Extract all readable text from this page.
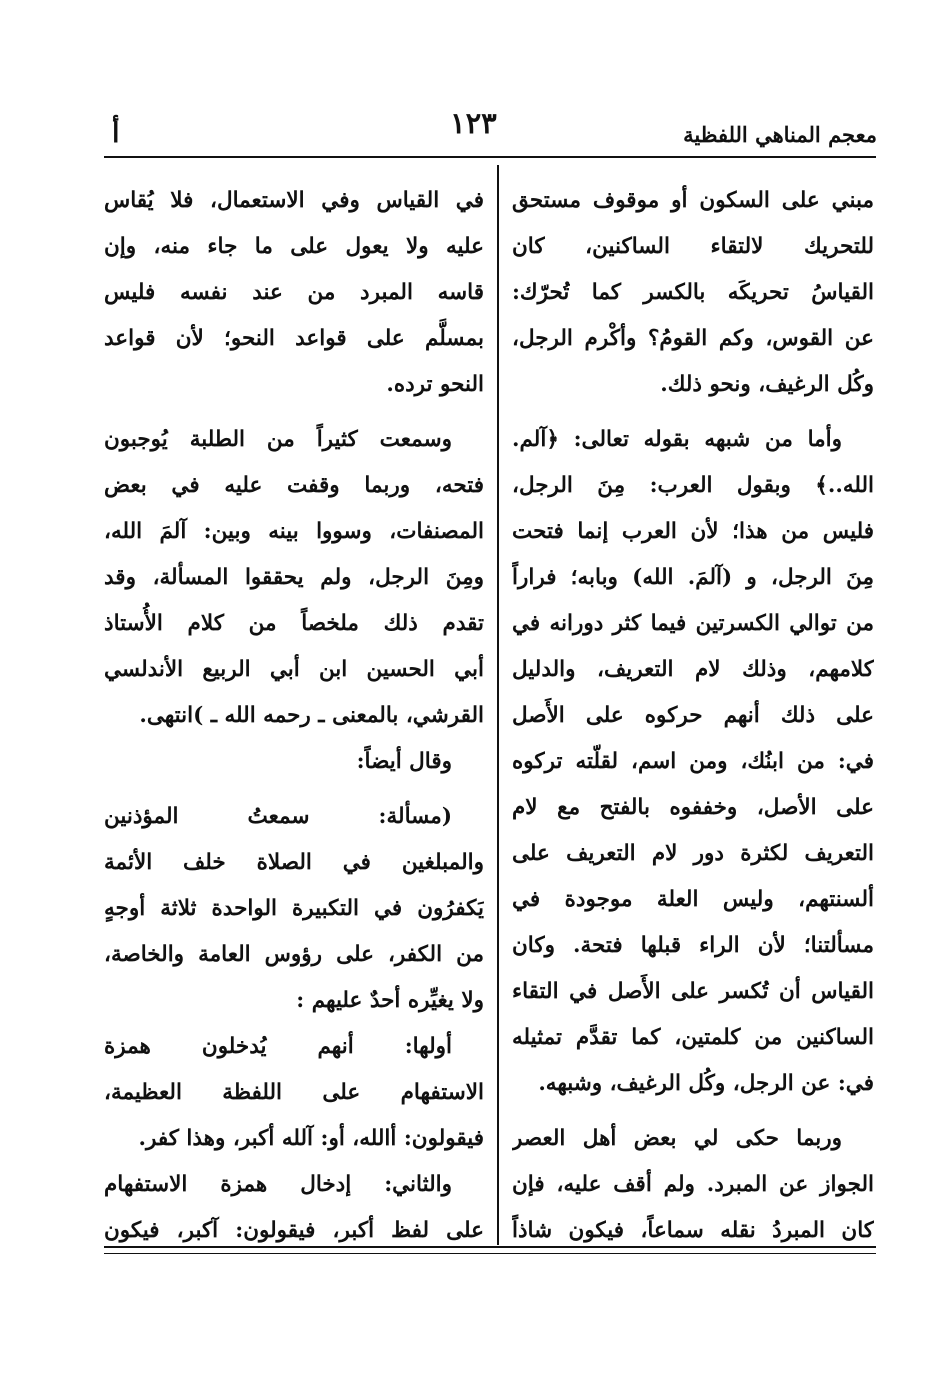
معجم المناهي اللفظية
١٢٣
أ
مبني على السكون أو موقوف مستحق
للتحريك لالتقاء الساكنين، كان
القياسُ تحريكَه بالكسر كما تُحرّك:
عن القوس، وكم القومُ؟ وأكْرم الرجل،
وكُل الرغيف، ونحو ذلك.
وأما من شبهه بقوله تعالى: ﴿آلم.
الله..﴾ وبقول العرب: مِنَ الرجل،
فليس من هذا؛ لأن العرب إنما فتحت
مِنَ الرجل، و (آلمَ. الله) وبابه؛ فراراً
من توالي الكسرتين فيما كثر دورانه في
كلامهم، وذلك لام التعريف، والدليل
على ذلك أنهم حركوه على الأَصل
في: من ابنُك، ومن اسم، لقلّته تركوه
على الأصل، وخففوه بالفتح مع لام
التعريف لكثرة دور لام التعريف على
ألسنتهم، وليس العلة موجودة في
مسألتنا؛ لأن الراء قبلها فتحة. وكان
القياس أن تُكسر على الأَصل في التقاء
الساكنين من كلمتين، كما تقدَّم تمثيله
في: عن الرجل، وكُل الرغيف، وشبهه.
وربما حكى لي بعض أهل العصر
الجواز عن المبرد. ولم أقف عليه، فإن
كان المبردُ نقله سماعاً، فيكون شاذاً
في القياس وفي الاستعمال، فلا يُقاس
عليه ولا يعول على ما جاء منه، وإن
قاسه المبرد من عند نفسه فليس
بمسلَّم على قواعد النحو؛ لأن قواعد
النحو ترده.
وسمعت كثيراً من الطلبة يُوجبون
فتحه، وربما وقفت عليه في بعض
المصنفات، وسووا بينه وبين: آلمَ الله،
ومِنَ الرجل، ولم يحققوا المسألة، وقد
تقدم ذلك ملخصاً من كلام الأُستاذ
أبي الحسين ابن أبي الربيع الأندلسي
القرشي، بالمعنى ـ رحمه الله ـ )انتهى.
وقال أيضاً:
(مسألة: سمعتُ المؤذنين
والمبلغين في الصلاة خلف الأئمة
يَكفرُون في التكبيرة الواحدة ثلاثة أوجهٍ
من الكفر، على رؤوس العامة والخاصة،
ولا يغيِّره أحدٌ عليهم :
أولها: أنهم يُدخلون همزة
الاستفهام على اللفظة العظيمة،
فيقولون: أالله، أو: آلله أكبر، وهذا كفر.
والثاني: إدخال همزة الاستفهام
على لفظ أكبر، فيقولون: آكبر، فيكون
